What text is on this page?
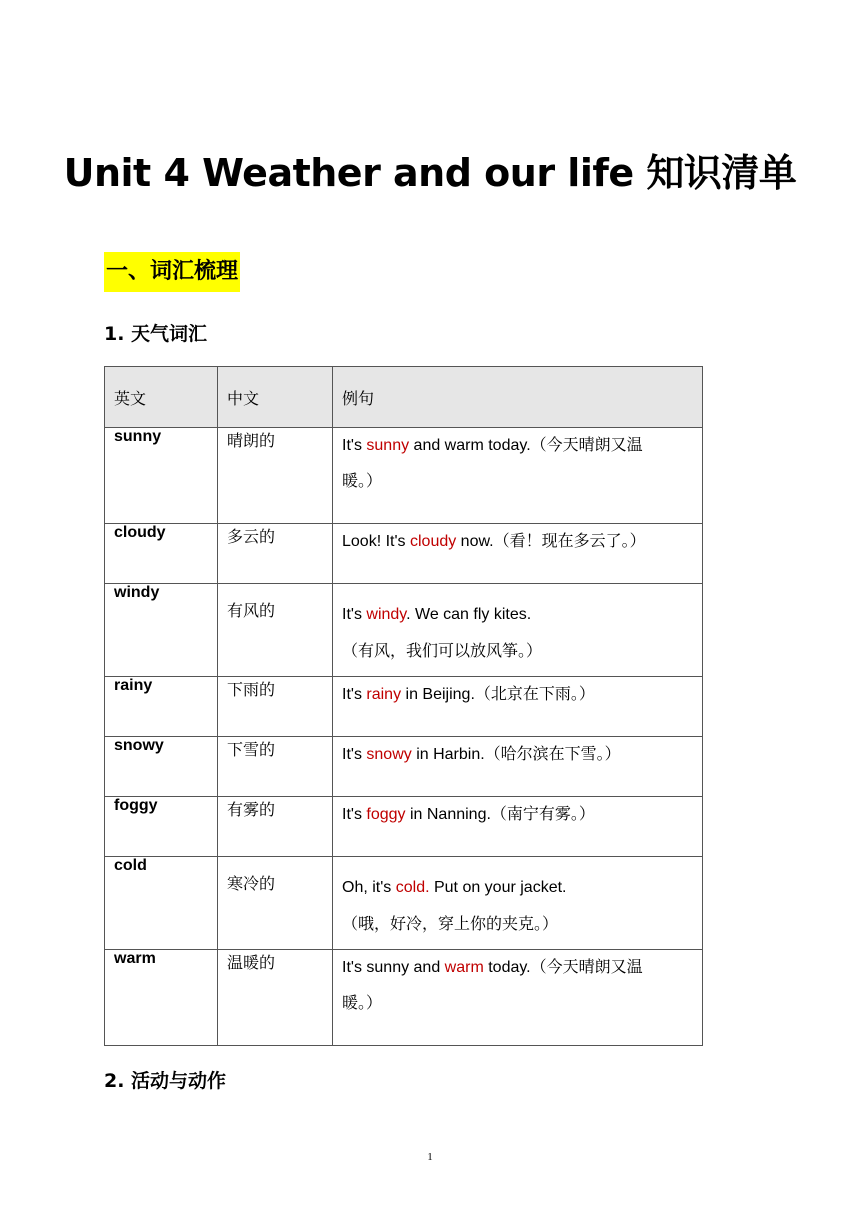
Unit 4 Weather and our life 知识清单
一、词汇梳理
1. 天气词汇
英文	中文	例句
sunny	晴朗的	It's sunny and warm today.（今天晴朗又温
暖。）

cloudy	多云的	Look! It's cloudy now.（看！现在多云了。）

windy	有风的	It's windy. We can fly kites.
（有风，我们可以放风筝。）

rainy	下雨的	It's rainy in Beijing.（北京在下雨。）

snowy	下雪的	It's snowy in Harbin.（哈尔滨在下雪。）

foggy	有雾的	It's foggy in Nanning.（南宁有雾。）

cold	寒冷的	Oh, it's cold. Put on your jacket.
（哦，好冷，穿上你的夹克。）

warm	温暖的	It's sunny and warm today.（今天晴朗又温
暖。）
2. 活动与动作
1
